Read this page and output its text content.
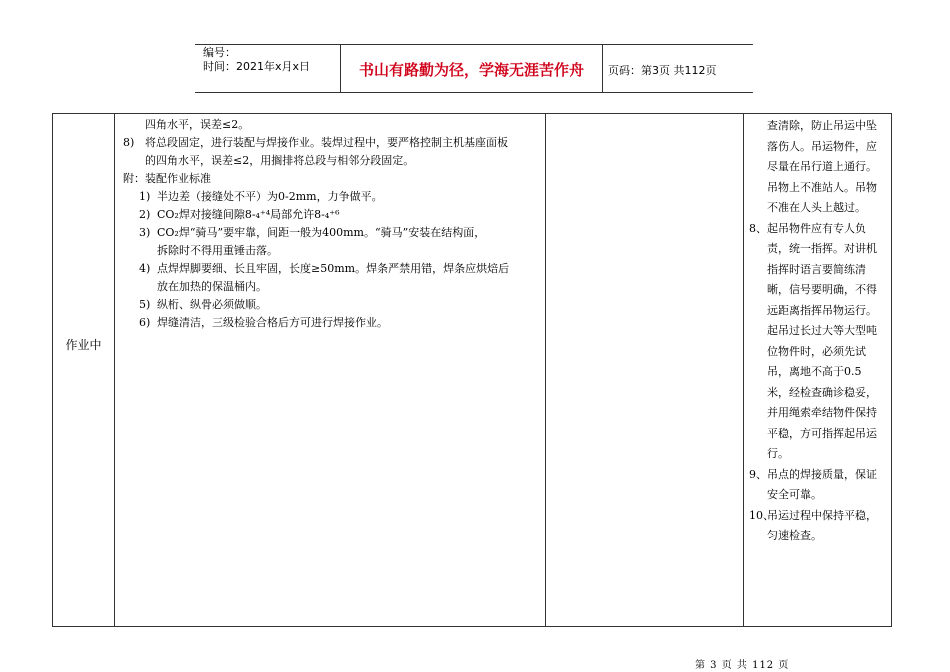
编号：
时间：2021年x月x日	书山有路勤为径，学海无涯苦作舟	页码：第3页 共112页
作业中
四角水平，误差≤2。
8) 将总段固定，进行装配与焊接作业。装焊过程中，要严格控制主机基座面板
的四角水平，误差≤2，用搁排将总段与相邻分段固定。
附：装配作业标准
1) 半边差（接缝处不平）为0-2mm，力争做平。
2) CO₂焊对接缝间隙8-₄⁺⁴局部允许8-₄⁺⁶
3) CO₂焊“骑马”要牢靠，间距一般为400mm。“骑马”安装在结构面，
拆除时不得用重锤击落。
4) 点焊焊脚要细、长且牢固，长度≥50mm。焊条严禁用错，焊条应烘焙后
放在加热的保温桶内。
5) 纵桁、纵骨必须做顺。
6) 焊缝清洁，三级检验合格后方可进行焊接作业。
查清除，防止吊运中坠
落伤人。吊运物件，应
尽量在吊行道上通行。
吊物上不准站人。吊物
不准在人头上越过。
8、 起吊物件应有专人负
责，统一指挥。对讲机
指挥时语言要简练清
晰，信号要明确，不得
远距离指挥吊物运行。
起吊过长过大等大型吨
位物件时，必须先试
吊，离地不高于0.5
米，经检查确诊稳妥，
并用绳索牵结物件保持
平稳，方可指挥起吊运
行。
9、 吊点的焊接质量，保证
安全可靠。
10、
吊运过程中保持平稳，
匀速检查。
第 3 页 共 112 页
